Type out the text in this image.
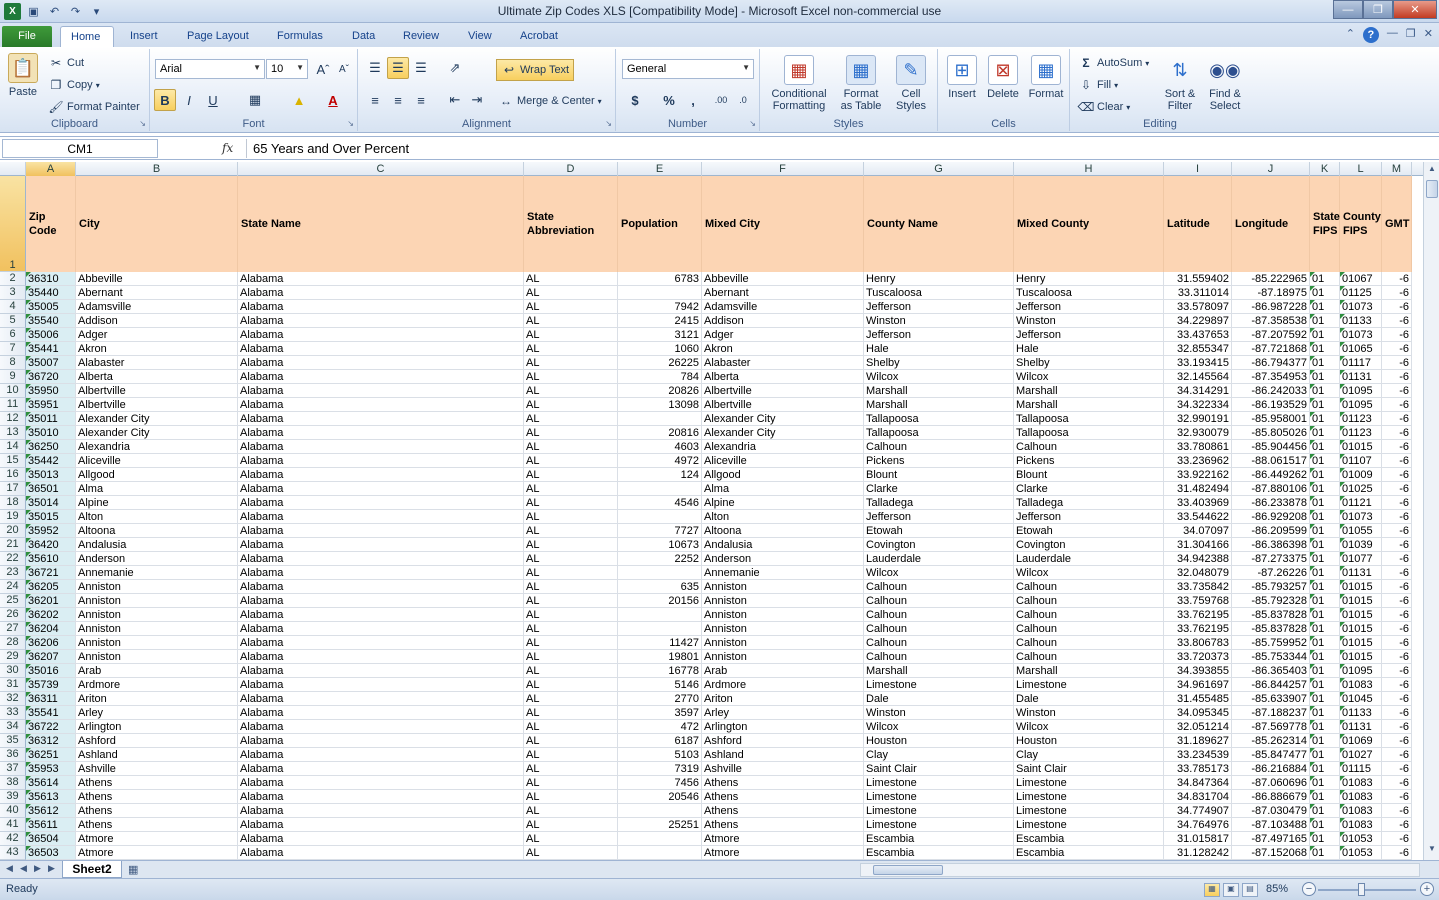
X	▣	↶	↷	▾	Ultimate Zip Codes XLS [Compatibility Mode] - Microsoft Excel non-commercial use	—	❐	✕
File	Home	Insert	Page Layout	Formulas	Data	Review	View	Acrobat	⌃	?	— ❐ ✕
📋
Paste
✂ Cut
❐ Copy ▾
🖌 Format Painter
Clipboard	↘
Arial	▼ 10 ▼ Aˆ Aˇ
B	I	U	▦	▲	A
Font	↘
☰ ☰ ☰	⇗	↩ Wrap Text
≡	≡	≡	⇤ ⇥	↔ Merge & Center ▾
Alignment	↘
General	▼
$	%	,	.00	.0
Number	↘
▦
Conditional
Formatting
▦
Format
as Table
✎
Cell
Styles
Styles
⊞
Insert
⊠
Delete
▦
Format
Cells
Σ AutoSum ▾
⇩ Fill ▾
⌫ Clear ▾
⇅
Sort &
Filter
◉◉
Find &
Select
Editing
CM1	fx	65 Years and Over Percent
A	B	C	D	E	F	G	H	I	J	K	L	M
1
2
3
4
5
6
7
8
9
10
11
12
13
14
15
16
17
18
19
20
21
22
23
24
25
26
27
28
29
30
31
32
33
34
35
36
37
38
39
40
41
42
43
Zip Code
City	State Name
State Abbreviation
Population	Mixed City	County Name	Mixed County	Latitude	Longitude
State FIPS
County FIPS
GMT
36310	Abbeville	Alabama	AL	6783 Abbeville	Henry	Henry	31.559402	-85.222965 01	01067	-6
35440	Abernant	Alabama	AL	Abernant	Tuscaloosa	Tuscaloosa	33.311014	-87.18975 01	01125	-6
35005	Adamsville	Alabama	AL	7942 Adamsville	Jefferson	Jefferson	33.578097	-86.987228 01	01073	-6
35540	Addison	Alabama	AL	2415 Addison	Winston	Winston	34.229897	-87.358538 01	01133	-6
35006	Adger	Alabama	AL	3121 Adger	Jefferson	Jefferson	33.437653	-87.207592 01	01073	-6
35441	Akron	Alabama	AL	1060 Akron	Hale	Hale	32.855347	-87.721868 01	01065	-6
35007	Alabaster	Alabama	AL	26225 Alabaster	Shelby	Shelby	33.193415	-86.794377 01	01117	-6
36720	Alberta	Alabama	AL	784 Alberta	Wilcox	Wilcox	32.145564	-87.354953 01	01131	-6
35950	Albertville	Alabama	AL	20826 Albertville	Marshall	Marshall	34.314291	-86.242033 01	01095	-6
35951	Albertville	Alabama	AL	13098 Albertville	Marshall	Marshall	34.322334	-86.193529 01	01095	-6
35011	Alexander City	Alabama	AL	Alexander City	Tallapoosa	Tallapoosa	32.990191	-85.958001 01	01123	-6
35010	Alexander City	Alabama	AL	20816 Alexander City	Tallapoosa	Tallapoosa	32.930079	-85.805026 01	01123	-6
36250	Alexandria	Alabama	AL	4603 Alexandria	Calhoun	Calhoun	33.780861	-85.904456 01	01015	-6
35442	Aliceville	Alabama	AL	4972 Aliceville	Pickens	Pickens	33.236962	-88.061517 01	01107	-6
35013	Allgood	Alabama	AL	124 Allgood	Blount	Blount	33.922162	-86.449262 01	01009	-6
36501	Alma	Alabama	AL	Alma	Clarke	Clarke	31.482494	-87.880106 01	01025	-6
35014	Alpine	Alabama	AL	4546 Alpine	Talladega	Talladega	33.403969	-86.233878 01	01121	-6
35015	Alton	Alabama	AL	Alton	Jefferson	Jefferson	33.544622	-86.929208 01	01073	-6
35952	Altoona	Alabama	AL	7727 Altoona	Etowah	Etowah	34.07097	-86.209599 01	01055	-6
36420	Andalusia	Alabama	AL	10673 Andalusia	Covington	Covington	31.304166	-86.386398 01	01039	-6
35610	Anderson	Alabama	AL	2252 Anderson	Lauderdale	Lauderdale	34.942388	-87.273375 01	01077	-6
36721	Annemanie	Alabama	AL	Annemanie	Wilcox	Wilcox	32.048079	-87.26226 01	01131	-6
36205	Anniston	Alabama	AL	635 Anniston	Calhoun	Calhoun	33.735842	-85.793257 01	01015	-6
36201	Anniston	Alabama	AL	20156 Anniston	Calhoun	Calhoun	33.759768	-85.792328 01	01015	-6
36202	Anniston	Alabama	AL	Anniston	Calhoun	Calhoun	33.762195	-85.837828 01	01015	-6
36204	Anniston	Alabama	AL	Anniston	Calhoun	Calhoun	33.762195	-85.837828 01	01015	-6
36206	Anniston	Alabama	AL	11427 Anniston	Calhoun	Calhoun	33.806783	-85.759952 01	01015	-6
36207	Anniston	Alabama	AL	19801 Anniston	Calhoun	Calhoun	33.720373	-85.753344 01	01015	-6
35016	Arab	Alabama	AL	16778 Arab	Marshall	Marshall	34.393855	-86.365403 01	01095	-6
35739	Ardmore	Alabama	AL	5146 Ardmore	Limestone	Limestone	34.961697	-86.844257 01	01083	-6
36311	Ariton	Alabama	AL	2770 Ariton	Dale	Dale	31.455485	-85.633907 01	01045	-6
35541	Arley	Alabama	AL	3597 Arley	Winston	Winston	34.095345	-87.188237 01	01133	-6
36722	Arlington	Alabama	AL	472 Arlington	Wilcox	Wilcox	32.051214	-87.569778 01	01131	-6
36312	Ashford	Alabama	AL	6187 Ashford	Houston	Houston	31.189627	-85.262314 01	01069	-6
36251	Ashland	Alabama	AL	5103 Ashland	Clay	Clay	33.234539	-85.847477 01	01027	-6
35953	Ashville	Alabama	AL	7319 Ashville	Saint Clair	Saint Clair	33.785173	-86.216884 01	01115	-6
35614	Athens	Alabama	AL	7456 Athens	Limestone	Limestone	34.847364	-87.060696 01	01083	-6
35613	Athens	Alabama	AL	20546 Athens	Limestone	Limestone	34.831704	-86.886679 01	01083	-6
35612	Athens	Alabama	AL	Athens	Limestone	Limestone	34.774907	-87.030479 01	01083	-6
35611	Athens	Alabama	AL	25251 Athens	Limestone	Limestone	34.764976	-87.103488 01	01083	-6
36504	Atmore	Alabama	AL	Atmore	Escambia	Escambia	31.015817	-87.497165 01	01053	-6
36503	Atmore	Alabama	AL	Atmore	Escambia	Escambia	31.128242	-87.152068 01	01053	-6
▲
▼
◀ ◀ ▶ ▶	Sheet2	▦
Ready	▦	▣	▤	85%	−	+
